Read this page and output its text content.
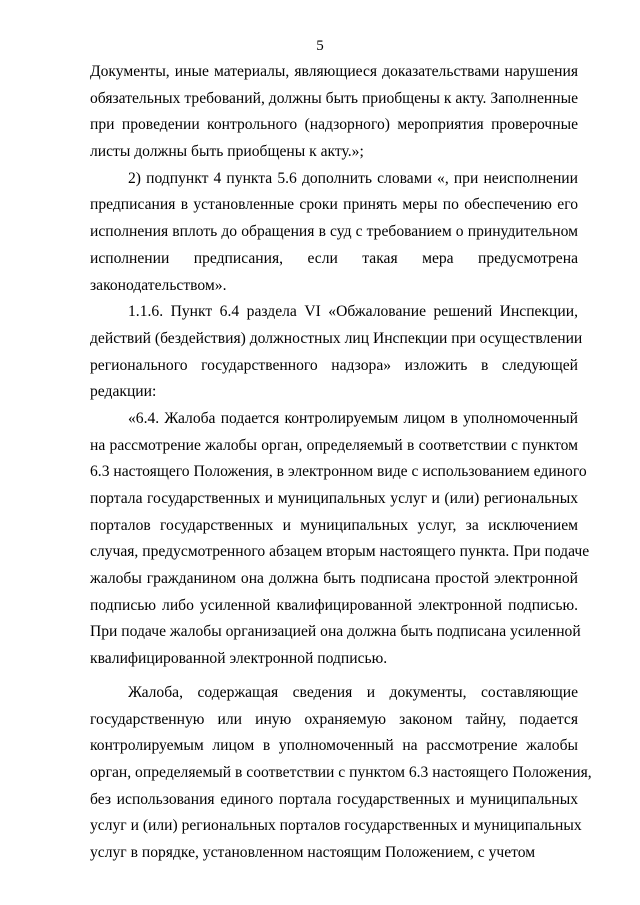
5
Документы, иные материалы, являющиеся доказательствами нарушения
обязательных требований, должны быть приобщены к акту. Заполненные
при проведении контрольного (надзорного) мероприятия проверочные
листы должны быть приобщены к акту.»;
2) подпункт 4 пункта 5.6 дополнить словами «, при неисполнении
предписания в установленные сроки принять меры по обеспечению его
исполнения вплоть до обращения в суд с требованием о принудительном
исполнении предписания, если такая мера предусмотрена
законодательством».
1.1.6. Пункт 6.4 раздела VI «Обжалование решений Инспекции,
действий (бездействия) должностных лиц Инспекции при осуществлении
регионального государственного надзора» изложить в следующей
редакции:
«6.4. Жалоба подается контролируемым лицом в уполномоченный
на рассмотрение жалобы орган, определяемый в соответствии с пунктом
6.3 настоящего Положения, в электронном виде с использованием единого
портала государственных и муниципальных услуг и (или) региональных
порталов государственных и муниципальных услуг, за исключением
случая, предусмотренного абзацем вторым настоящего пункта. При подаче
жалобы гражданином она должна быть подписана простой электронной
подписью либо усиленной квалифицированной электронной подписью.
При подаче жалобы организацией она должна быть подписана усиленной
квалифицированной электронной подписью.
Жалоба, содержащая сведения и документы, составляющие
государственную или иную охраняемую законом тайну, подается
контролируемым лицом в уполномоченный на рассмотрение жалобы
орган, определяемый в соответствии с пунктом 6.3 настоящего Положения,
без использования единого портала государственных и муниципальных
услуг и (или) региональных порталов государственных и муниципальных
услуг в порядке, установленном настоящим Положением, с учетом
